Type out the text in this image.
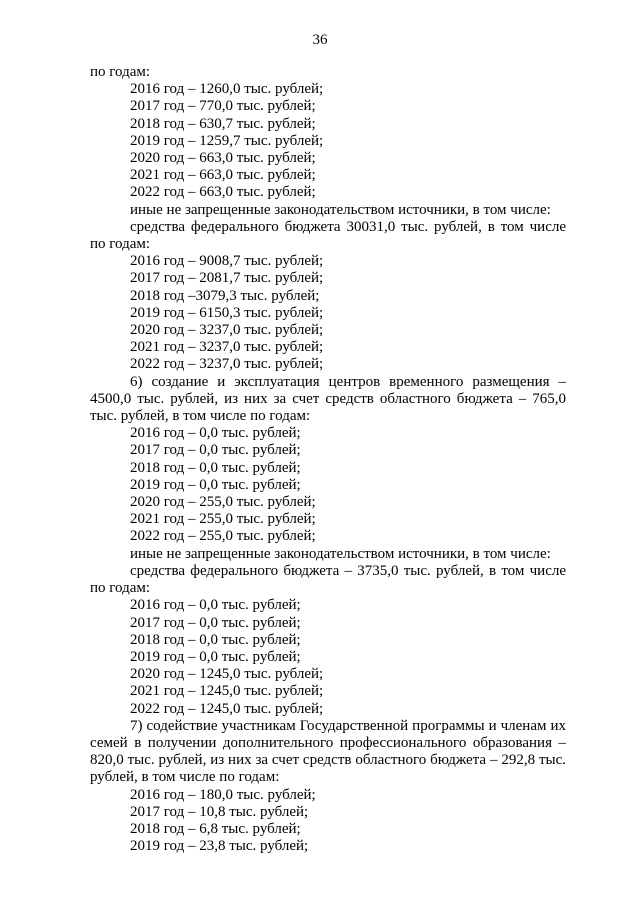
36
по годам:
2016 год – 1260,0 тыс. рублей;
2017 год – 770,0 тыс. рублей;
2018 год – 630,7 тыс. рублей;
2019 год – 1259,7 тыс. рублей;
2020 год – 663,0 тыс. рублей;
2021 год – 663,0 тыс. рублей;
2022 год – 663,0 тыс. рублей;
иные не запрещенные законодательством источники, в том числе:
средства федерального бюджета 30031,0 тыс. рублей, в том числе по годам:
2016 год – 9008,7 тыс. рублей;
2017 год – 2081,7 тыс. рублей;
2018 год –3079,3 тыс. рублей;
2019 год – 6150,3 тыс. рублей;
2020 год – 3237,0 тыс. рублей;
2021 год – 3237,0 тыс. рублей;
2022 год – 3237,0 тыс. рублей;
6) создание и эксплуатация центров временного размещения – 4500,0 тыс. рублей, из них за счет средств областного бюджета – 765,0 тыс. рублей, в том числе по годам:
2016 год – 0,0 тыс. рублей;
2017 год – 0,0 тыс. рублей;
2018 год – 0,0 тыс. рублей;
2019 год – 0,0 тыс. рублей;
2020 год – 255,0 тыс. рублей;
2021 год – 255,0 тыс. рублей;
2022 год – 255,0 тыс. рублей;
иные не запрещенные законодательством источники, в том числе:
средства федерального бюджета – 3735,0 тыс. рублей, в том числе по годам:
2016 год – 0,0 тыс. рублей;
2017 год – 0,0 тыс. рублей;
2018 год – 0,0 тыс. рублей;
2019 год – 0,0 тыс. рублей;
2020 год – 1245,0 тыс. рублей;
2021 год – 1245,0 тыс. рублей;
2022 год – 1245,0 тыс. рублей;
7) содействие участникам Государственной программы и членам их семей в получении дополнительного профессионального образования – 820,0 тыс. рублей, из них за счет средств областного бюджета – 292,8 тыс. рублей, в том числе по годам:
2016 год – 180,0 тыс. рублей;
2017 год – 10,8 тыс. рублей;
2018 год – 6,8 тыс. рублей;
2019 год – 23,8 тыс. рублей;
